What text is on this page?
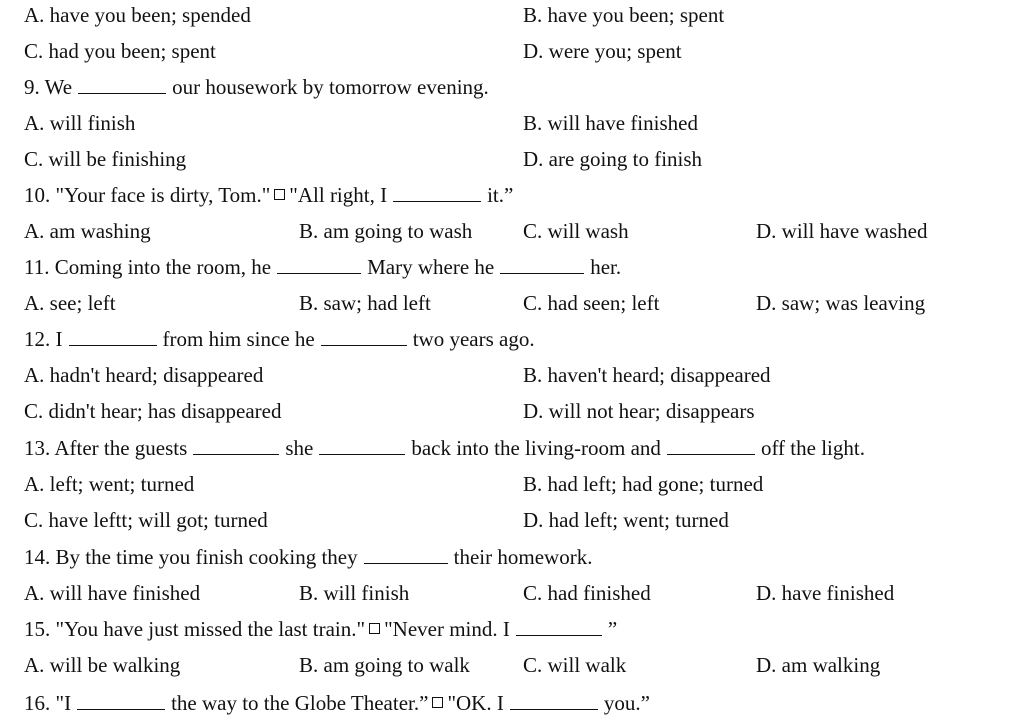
A. have you been; spended	B. have you been; spent
C. had you been; spent	D. were you; spent
9. We	our housework by tomorrow evening.
A. will finish	B. will have finished
C. will be finishing	D. are going to finish
10. "Your face is dirty, Tom." "All right, I	it.”
A. am washing	B. am going to wash C. will wash	D. will have washed
11. Coming into the room, he	Mary where he	her.
A. see; left	B. saw; had left	C. had seen; left	D. saw; was leaving
12. I	from him since he	two years ago.
A. hadn't heard; disappeared	B. haven't heard; disappeared
C. didn't hear; has disappeared	D. will not hear; disappears
13. After the guests	she	back into the living-room and	off the light.
A. left; went; turned	B. had left; had gone; turned
C. have leftt; will got; turned	D. had left; went; turned
14. By the time you finish cooking they	their homework.
A. will have finished	B. will finish	C. had finished	D. have finished
15. "You have just missed the last train." "Never mind. I	”
A. will be walking	B. am going to walk	C. will walk	D. am walking
16. "I	the way to the Globe Theater.” "OK. I	you.”
